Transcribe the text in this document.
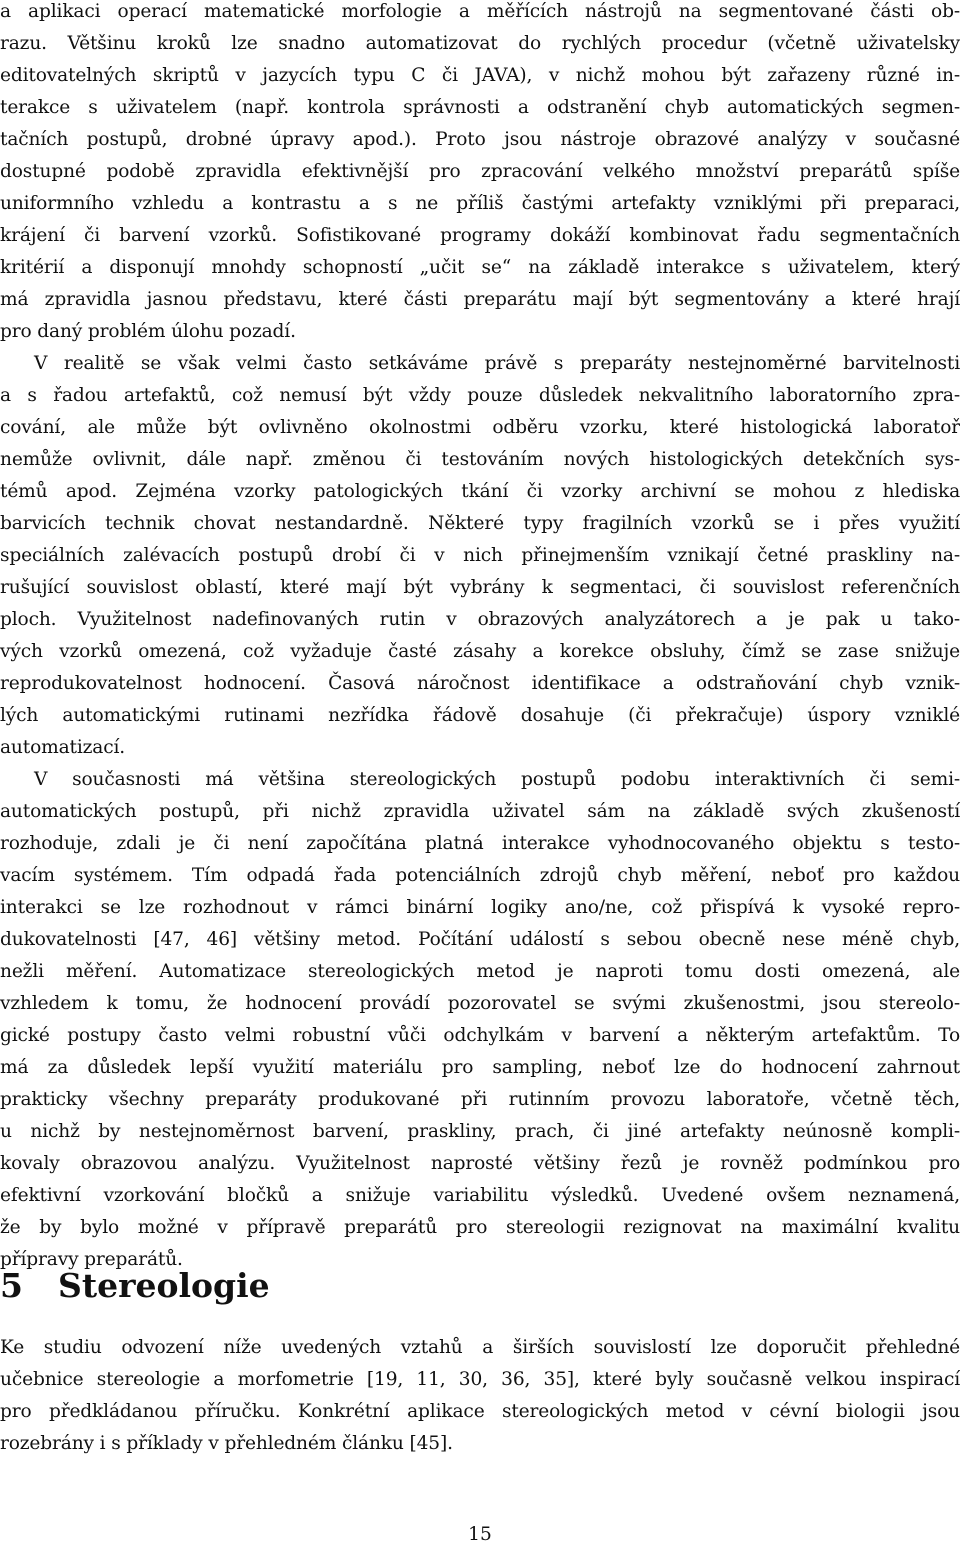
a aplikaci operací matematické morfologie a měřících nástrojů na segmentované části ob-
razu. Většinu kroků lze snadno automatizovat do rychlých procedur (včetně uživatelsky
editovatelných skriptů v jazycích typu C či JAVA), v nichž mohou být zařazeny různé in-
terakce s uživatelem (např. kontrola správnosti a odstranění chyb automatických segmen-
tačních postupů, drobné úpravy apod.). Proto jsou nástroje obrazové analýzy v současné
dostupné podobě zpravidla efektivnější pro zpracování velkého množství preparátů spíše
uniformního vzhledu a kontrastu a s ne příliš častými artefakty vzniklými při preparaci,
krájení či barvení vzorků. Sofistikované programy dokáží kombinovat řadu segmentačních
kritérií a disponují mnohdy schopností „učit se“ na základě interakce s uživatelem, který
má zpravidla jasnou představu, které části preparátu mají být segmentovány a které hrají
pro daný problém úlohu pozadí.
V realitě se však velmi často setkáváme právě s preparáty nestejnoměrné barvitelnosti
a s řadou artefaktů, což nemusí být vždy pouze důsledek nekvalitního laboratorního zpra-
cování, ale může být ovlivněno okolnostmi odběru vzorku, které histologická laboratoř
nemůže ovlivnit, dále např. změnou či testováním nových histologických detekčních sys-
témů apod. Zejména vzorky patologických tkání či vzorky archivní se mohou z hlediska
barvicích technik chovat nestandardně. Některé typy fragilních vzorků se i přes využití
speciálních zalévacích postupů drobí či v nich přinejmenším vznikají četné praskliny na-
rušující souvislost oblastí, které mají být vybrány k segmentaci, či souvislost referenčních
ploch. Využitelnost nadefinovaných rutin v obrazových analyzátorech a je pak u tako-
vých vzorků omezená, což vyžaduje časté zásahy a korekce obsluhy, čímž se zase snižuje
reprodukovatelnost hodnocení. Časová náročnost identifikace a odstraňování chyb vznik-
lých automatickými rutinami nezřídka řádově dosahuje (či překračuje) úspory vzniklé
automatizací.
V současnosti má většina stereologických postupů podobu interaktivních či semi-
automatických postupů, při nichž zpravidla uživatel sám na základě svých zkušeností
rozhoduje, zdali je či není započítána platná interakce vyhodnocovaného objektu s testo-
vacím systémem. Tím odpadá řada potenciálních zdrojů chyb měření, neboť pro každou
interakci se lze rozhodnout v rámci binární logiky ano/ne, což přispívá k vysoké repro-
dukovatelnosti [47, 46] většiny metod. Počítání událostí s sebou obecně nese méně chyb,
nežli měření. Automatizace stereologických metod je naproti tomu dosti omezená, ale
vzhledem k tomu, že hodnocení provádí pozorovatel se svými zkušenostmi, jsou stereolo-
gické postupy často velmi robustní vůči odchylkám v barvení a některým artefaktům. To
má za důsledek lepší využití materiálu pro sampling, neboť lze do hodnocení zahrnout
prakticky všechny preparáty produkované při rutinním provozu laboratoře, včetně těch,
u nichž by nestejnoměrnost barvení, praskliny, prach, či jiné artefakty neúnosně kompli-
kovaly obrazovou analýzu. Využitelnost naprosté většiny řezů je rovněž podmínkou pro
efektivní vzorkování bločků a snižuje variabilitu výsledků. Uvedené ovšem neznamená,
že by bylo možné v přípravě preparátů pro stereologii rezignovat na maximální kvalitu
přípravy preparátů.
5 Stereologie
Ke studiu odvození níže uvedených vztahů a širších souvislostí lze doporučit přehledné
učebnice stereologie a morfometrie [19, 11, 30, 36, 35], které byly současně velkou inspirací
pro předkládanou příručku. Konkrétní aplikace stereologických metod v cévní biologii jsou
rozebrány i s příklady v přehledném článku [45].
15
